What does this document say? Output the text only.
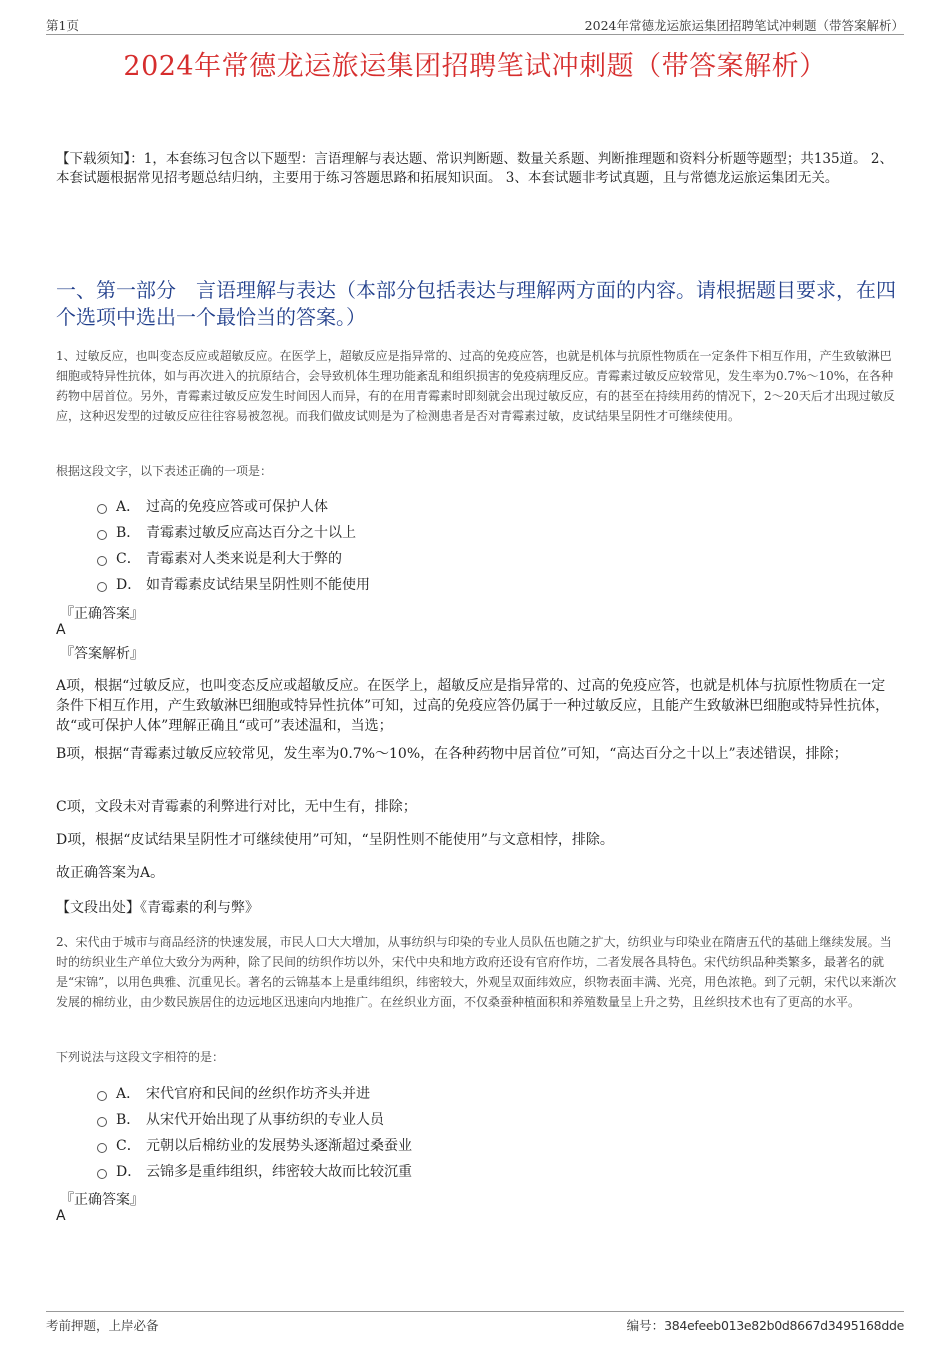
第1页	2024年常德龙运旅运集团招聘笔试冲刺题（带答案解析）
2024年常德龙运旅运集团招聘笔试冲刺题（带答案解析）
【下载须知】：1，本套练习包含以下题型：言语理解与表达题、常识判断题、数量关系题、判断推理题和资料分析题等题型；共135道。 2、本套试题根据常见招考题总结归纳，主要用于练习答题思路和拓展知识面。 3、本套试题非考试真题，且与常德龙运旅运集团无关。
一、第一部分 言语理解与表达（本部分包括表达与理解两方面的内容。请根据题目要求，在四个选项中选出一个最恰当的答案。）
1、过敏反应，也叫变态反应或超敏反应。在医学上，超敏反应是指异常的、过高的免疫应答，也就是机体与抗原性物质在一定条件下相互作用，产生致敏淋巴细胞或特异性抗体，如与再次进入的抗原结合，会导致机体生理功能紊乱和组织损害的免疫病理反应。青霉素过敏反应较常见，发生率为0.7%～10%，在各种药物中居首位。另外，青霉素过敏反应发生时间因人而异，有的在用青霉素时即刻就会出现过敏反应，有的甚至在持续用药的情况下，2～20天后才出现过敏反应，这种迟发型的过敏反应往往容易被忽视。而我们做皮试则是为了检测患者是否对青霉素过敏，皮试结果呈阴性才可继续使用。
根据这段文字，以下表述正确的一项是：
A． 过高的免疫应答或可保护人体
B． 青霉素过敏反应高达百分之十以上
C． 青霉素对人类来说是利大于弊的
D． 如青霉素皮试结果呈阴性则不能使用
『正确答案』
A
『答案解析』
A项，根据“过敏反应，也叫变态反应或超敏反应。在医学上，超敏反应是指异常的、过高的免疫应答，也就是机体与抗原性物质在一定条件下相互作用，产生致敏淋巴细胞或特异性抗体”可知，过高的免疫应答仍属于一种过敏反应，且能产生致敏淋巴细胞或特异性抗体，故“或可保护人体”理解正确且“或可”表述温和，当选；
B项，根据“青霉素过敏反应较常见，发生率为0.7%～10%，在各种药物中居首位”可知，“高达百分之十以上”表述错误，排除；
C项，文段未对青霉素的利弊进行对比，无中生有，排除；
D项，根据“皮试结果呈阴性才可继续使用”可知，“呈阴性则不能使用”与文意相悖，排除。
故正确答案为A。
【文段出处】《青霉素的利与弊》
2、宋代由于城市与商品经济的快速发展，市民人口大大增加，从事纺织与印染的专业人员队伍也随之扩大，纺织业与印染业在隋唐五代的基础上继续发展。当时的纺织业生产单位大致分为两种，除了民间的纺织作坊以外，宋代中央和地方政府还设有官府作坊，二者发展各具特色。宋代纺织品种类繁多，最著名的就是“宋锦”，以用色典雅、沉重见长。著名的云锦基本上是重纬组织，纬密较大，外观呈双面纬效应，织物表面丰满、光亮，用色浓艳。到了元朝，宋代以来渐次发展的棉纺业，由少数民族居住的边远地区迅速向内地推广。在丝织业方面，不仅桑蚕种植面积和养殖数量呈上升之势，且丝织技术也有了更高的水平。
下列说法与这段文字相符的是：
A． 宋代官府和民间的丝织作坊齐头并进
B． 从宋代开始出现了从事纺织的专业人员
C． 元朝以后棉纺业的发展势头逐渐超过桑蚕业
D． 云锦多是重纬组织，纬密较大故而比较沉重
『正确答案』
A
考前押题，上岸必备	编号：384efeeb013e82b0d8667d3495168dde
